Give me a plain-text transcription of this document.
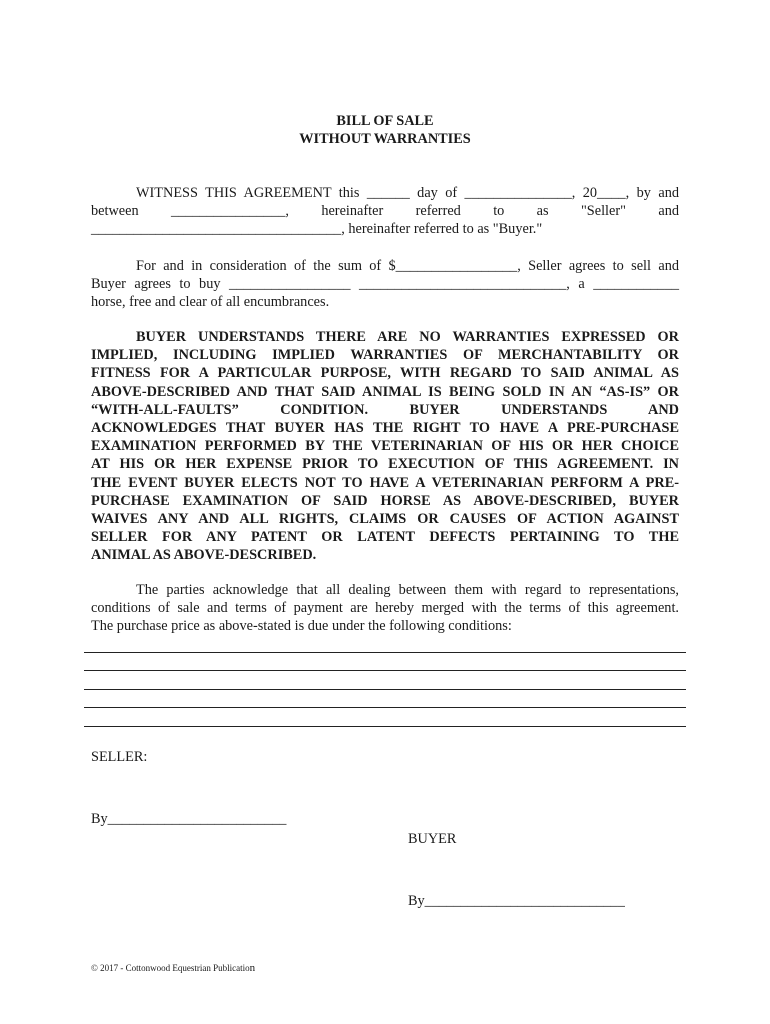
BILL OF SALE
WITHOUT WARRANTIES

WITNESS THIS AGREEMENT this ______ day of _______________, 20____, by and

between ________________, hereinafter referred to as "Seller" and

___________________________________, hereinafter referred to as "Buyer."

For and in consideration of the sum of $_________________, Seller agrees to sell and

Buyer agrees to buy _________________ _____________________________, a ____________

horse, free and clear of all encumbrances.

BUYER UNDERSTANDS THERE ARE NO WARRANTIES EXPRESSED OR

IMPLIED, INCLUDING IMPLIED WARRANTIES OF MERCHANTABILITY OR

FITNESS FOR A PARTICULAR PURPOSE, WITH REGARD TO SAID ANIMAL AS

ABOVE-DESCRIBED AND THAT SAID ANIMAL IS BEING SOLD IN AN “AS-IS” OR

“WITH-ALL-FAULTS” CONDITION. BUYER UNDERSTANDS AND

ACKNOWLEDGES THAT BUYER HAS THE RIGHT TO HAVE A PRE-PURCHASE

EXAMINATION PERFORMED BY THE VETERINARIAN OF HIS OR HER CHOICE

AT HIS OR HER EXPENSE PRIOR TO EXECUTION OF THIS AGREEMENT. IN

THE EVENT BUYER ELECTS NOT TO HAVE A VETERINARIAN PERFORM A PRE-

PURCHASE EXAMINATION OF SAID HORSE AS ABOVE-DESCRIBED, BUYER

WAIVES ANY AND ALL RIGHTS, CLAIMS OR CAUSES OF ACTION AGAINST

SELLER FOR ANY PATENT OR LATENT DEFECTS PERTAINING TO THE

ANIMAL AS ABOVE-DESCRIBED.

The parties acknowledge that all dealing between them with regard to representations,

conditions of sale and terms of payment are hereby merged with the terms of this agreement.

The purchase price as above-stated is due under the following conditions:

SELLER:
By_________________________
BUYER
By____________________________
© 2017 - Cottonwood Equestrian Publication
